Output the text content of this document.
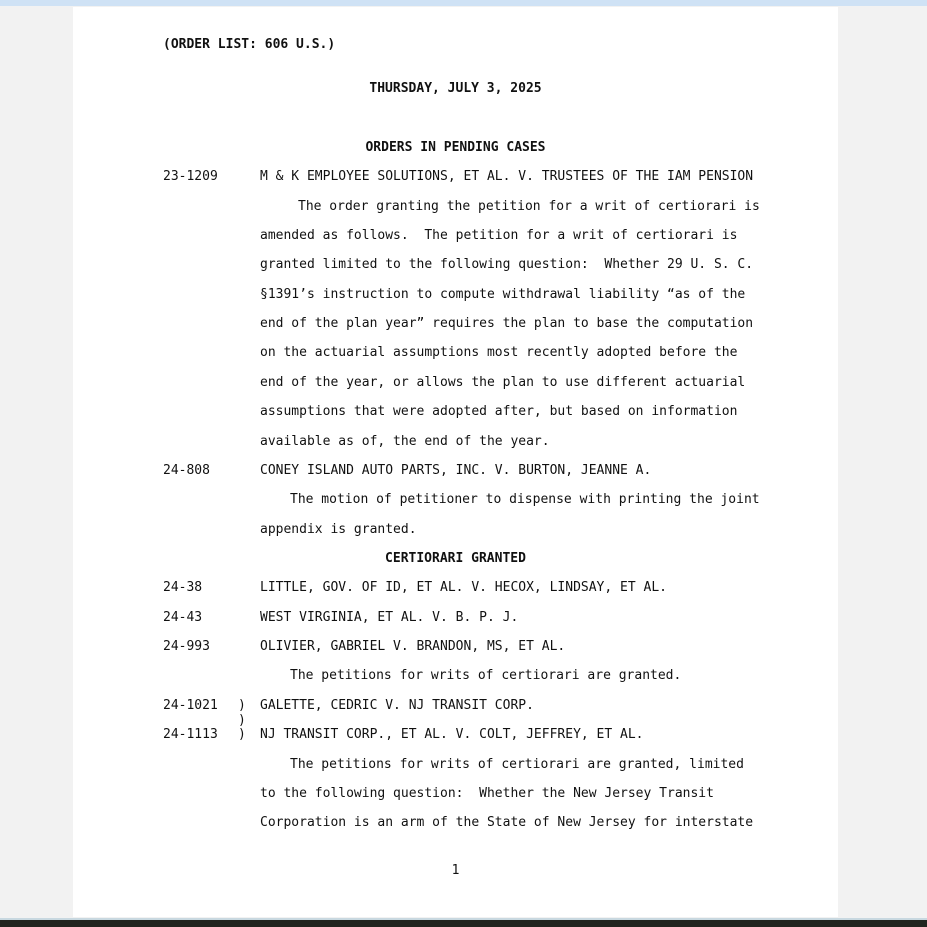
(ORDER LIST: 606 U.S.)
THURSDAY, JULY 3, 2025
ORDERS IN PENDING CASES
23-1209	M & K EMPLOYEE SOLUTIONS, ET AL. V. TRUSTEES OF THE IAM PENSION
The order granting the petition for a writ of certiorari is
amended as follows.  The petition for a writ of certiorari is
granted limited to the following question:  Whether 29 U. S. C.
§1391’s instruction to compute withdrawal liability “as of the
end of the plan year” requires the plan to base the computation
on the actuarial assumptions most recently adopted before the
end of the year, or allows the plan to use different actuarial
assumptions that were adopted after, but based on information
available as of, the end of the year.
24-808	CONEY ISLAND AUTO PARTS, INC. V. BURTON, JEANNE A.
The motion of petitioner to dispense with printing the joint
appendix is granted.
CERTIORARI GRANTED
24-38	LITTLE, GOV. OF ID, ET AL. V. HECOX, LINDSAY, ET AL.
24-43	WEST VIRGINIA, ET AL. V. B. P. J.
24-993	OLIVIER, GABRIEL V. BRANDON, MS, ET AL.
The petitions for writs of certiorari are granted.
24-1021 ) GALETTE, CEDRIC V. NJ TRANSIT CORP.
)
24-1113 ) NJ TRANSIT CORP., ET AL. V. COLT, JEFFREY, ET AL.
The petitions for writs of certiorari are granted, limited
to the following question:  Whether the New Jersey Transit
Corporation is an arm of the State of New Jersey for interstate
1
